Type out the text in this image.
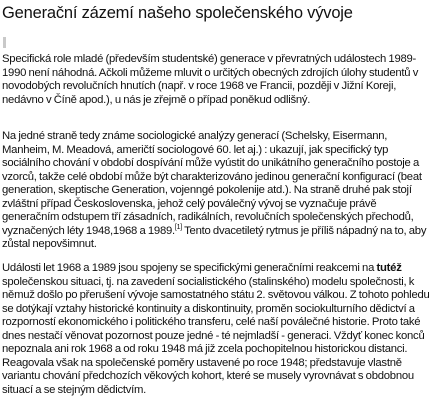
Generační zázemí našeho společenského vývoje

Specifická role mladé (především studentské) generace v převratných událostech 1989-1990 není náhodná. Ačkoli můžeme mluvit o určitých obecných zdrojích úlohy studentů v novodobých revolučních hnutích (např. v roce 1968 ve Francii, později v Jižní Koreji, nedávno v Číně apod.), u nás je zřejmě o případ poněkud odlišný.

Na jedné straně tedy známe sociologické analýzy generací (Schelsky, Eisermann, Manheim, M. Meadová, američtí sociologové 60. let aj.) : ukazují, jak specifický typ sociálního chování v období dospívání může vyústit do unikátního generačního postoje a vzorců, takže celé období může být charakterizováno jedinou generační konfigurací (beat generation, skeptische Generation, vojenngé pokolenije atd.). Na straně druhé pak stojí zvláštní případ Československa, jehož celý poválečný vývoj se vyznačuje právě generačním odstupem tří zásadních, radikálních, revolučních společenských přechodů, vyznačených léty 1948,1968 a 1989.[1] Tento dvacetiletý rytmus je příliš nápadný na to, aby zůstal nepovšimnut.

Události let 1968 a 1989 jsou spojeny se specifickými generačními reakcemi na tutéž společenskou situaci, tj. na zavedení socialistického (stalinského) modelu společnosti, k němuž došlo po přerušení vývoje samostatného státu 2. světovou válkou. Z tohoto pohledu se dotýkají vztahy historické kontinuity a diskontinuity, proměn sociokulturního dědictví a rozporností ekonomického i politického transferu, celé naší poválečné historie. Proto také dnes nestačí věnovat pozornost pouze jedné - té nejmladší - generaci. Vždyť konec konců nepoznala ani rok 1968 a od roku 1948 má již zcela pochopitelnou historickou distanci. Reagovala však na společenské poměry ustavené po roce 1948; představuje vlastně variantu chování předchozích věkových kohort, které se musely vyrovnávat s obdobnou situací a se stejným dědictvím.
